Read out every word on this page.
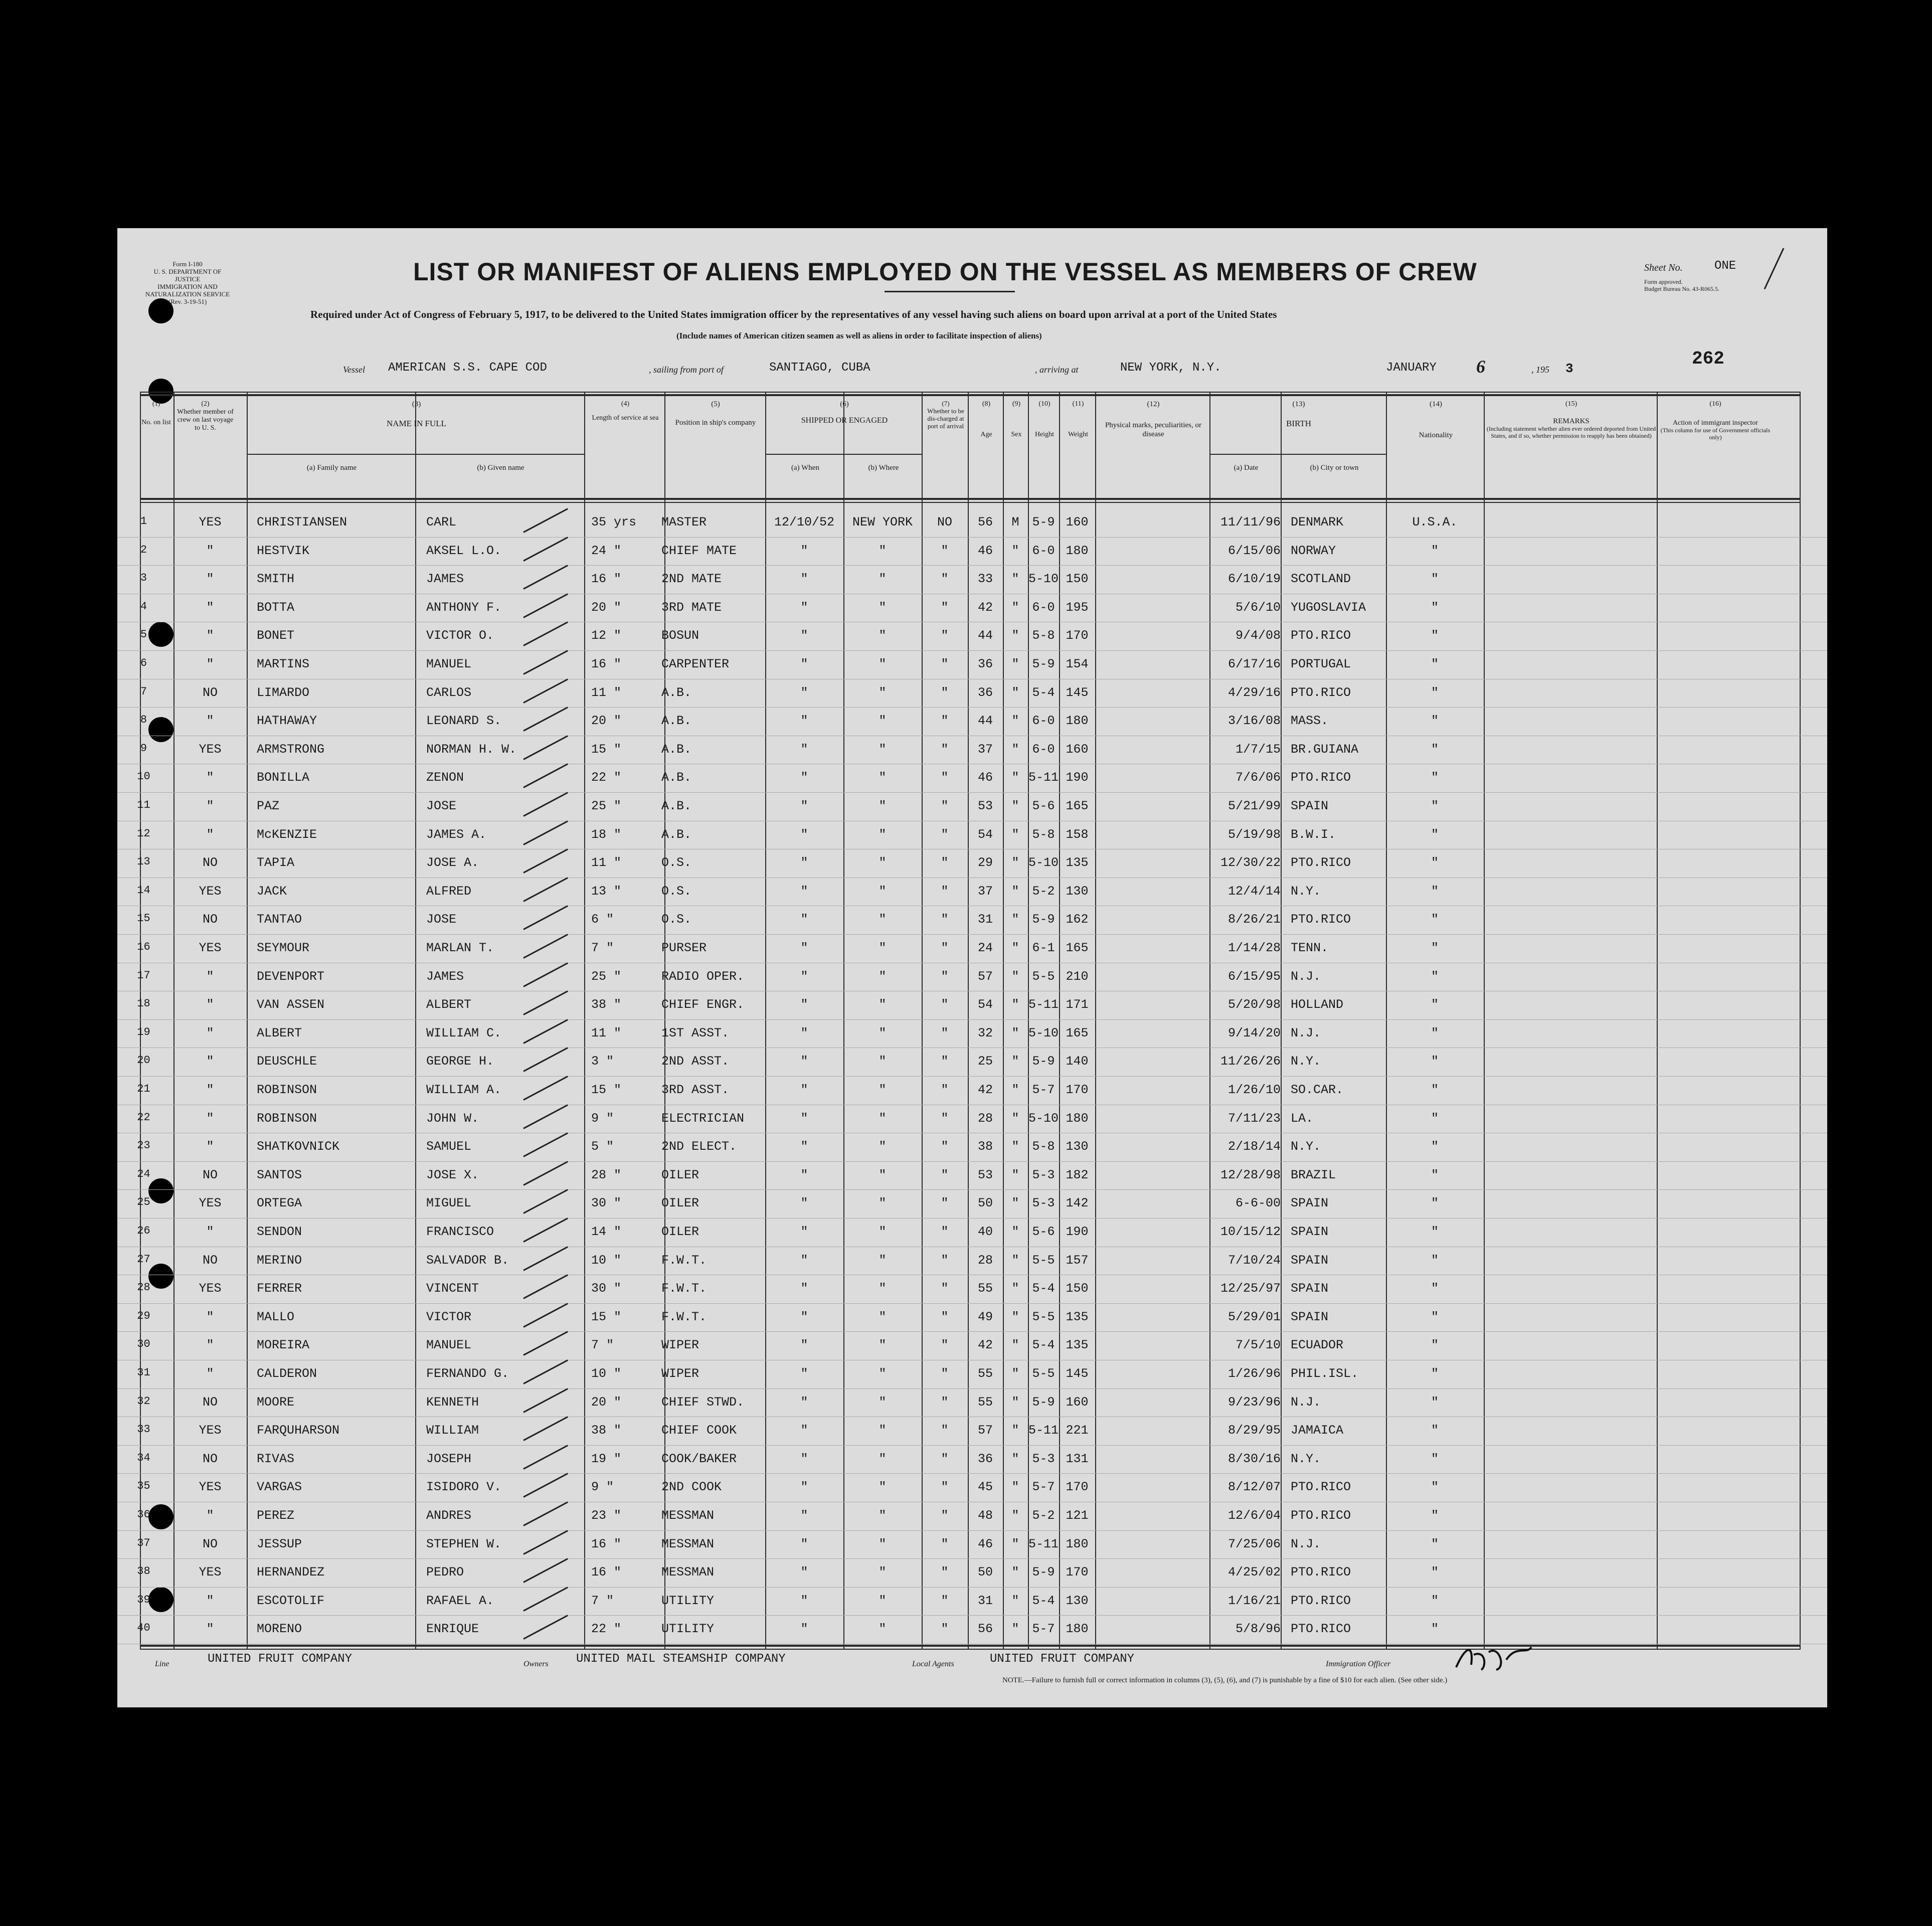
Form I-180
U. S. DEPARTMENT OF JUSTICE
IMMIGRATION AND NATURALIZATION SERVICE
(Rev. 3-19-51)
LIST OR MANIFEST OF ALIENS EMPLOYED ON THE VESSEL AS MEMBERS OF CREW	Sheet No.	ONE
Form approved.
Budget Bureau No. 43-R065.5.
Required under Act of Congress of February 5, 1917, to be delivered to the United States immigration officer by the representatives of any vessel having such aliens on board upon arrival at a port of the United States
(Include names of American citizen seamen as well as aliens in order to facilitate inspection of aliens)
Vessel AMERICAN S.S. CAPE COD	, sailing from port of	SANTIAGO, CUBA	, arriving at	NEW YORK, N.Y.	JANUARY 6	, 195 3	262
(1)
No. on list
(2)
Whether member of crew on last voyage to U. S.
(3)
NAME IN FULL
(a) Family name	(b) Given name
(4)
Length of service at sea
(5)
Position in ship's company
(6)
SHIPPED OR ENGAGED
(a) When	(b) Where
(7)
Whether to be dis-charged at port of arrival
(8)
Age
(9)
Sex
(10)
Height
(11)
Weight
(12)
Physical marks, peculiarities, or disease
(13)
BIRTH
(a) Date	(b) City or town
(14)
Nationality
(15)
REMARKS
(Including statement whether alien ever ordered deported from United States, and if so, whether permission to reapply has been obtained)
(16)
Action of immigrant inspector
(This column for use of Government officials only)
1	YES	CHRISTIANSEN	CARL	35 yrs	MASTER	12/10/52	NEW YORK	NO	56	M	5-9 160	11/11/96 DENMARK	U.S.A.
2	"	HESTVIK	AKSEL L.O.	24 "	CHIEF MATE	"	"	"	46	"	6-0 180	6/15/06 NORWAY	"
3	"	SMITH	JAMES	16 "	2ND MATE	"	"	"	33	" 5-10 150	6/10/19 SCOTLAND	"
4	"	BOTTA	ANTHONY F.	20 "	3RD MATE	"	"	"	42	"	6-0 195	5/6/10 YUGOSLAVIA	"
5	"	BONET	VICTOR O.	12 "	BOSUN	"	"	"	44	"	5-8 170	9/4/08 PTO.RICO	"
6	"	MARTINS	MANUEL	16 "	CARPENTER	"	"	"	36	"	5-9 154	6/17/16 PORTUGAL	"
7	NO	LIMARDO	CARLOS	11 "	A.B.	"	"	"	36	"	5-4 145	4/29/16 PTO.RICO	"
8	"	HATHAWAY	LEONARD S.	20 "	A.B.	"	"	"	44	"	6-0 180	3/16/08 MASS.	"
9	YES	ARMSTRONG	NORMAN H. W.	15 "	A.B.	"	"	"	37	"	6-0 160	1/7/15 BR.GUIANA	"
10	"	BONILLA	ZENON	22 "	A.B.	"	"	"	46	" 5-11 190	7/6/06 PTO.RICO	"
11	"	PAZ	JOSE	25 "	A.B.	"	"	"	53	"	5-6 165	5/21/99 SPAIN	"
12	"	McKENZIE	JAMES A.	18 "	A.B.	"	"	"	54	"	5-8 158	5/19/98 B.W.I.	"
13	NO	TAPIA	JOSE A.	11 "	O.S.	"	"	"	29	" 5-10 135	12/30/22 PTO.RICO	"
14	YES	JACK	ALFRED	13 "	O.S.	"	"	"	37	"	5-2 130	12/4/14 N.Y.	"
15	NO	TANTAO	JOSE	6 "	O.S.	"	"	"	31	"	5-9 162	8/26/21 PTO.RICO	"
16	YES	SEYMOUR	MARLAN T.	7 "	PURSER	"	"	"	24	"	6-1 165	1/14/28 TENN.	"
17	"	DEVENPORT	JAMES	25 "	RADIO OPER.	"	"	"	57	"	5-5 210	6/15/95 N.J.	"
18	"	VAN ASSEN	ALBERT	38 "	CHIEF ENGR.	"	"	"	54	" 5-11 171	5/20/98 HOLLAND	"
19	"	ALBERT	WILLIAM C.	11 "	1ST ASST.	"	"	"	32	" 5-10 165	9/14/20 N.J.	"
20	"	DEUSCHLE	GEORGE H.	3 "	2ND ASST.	"	"	"	25	"	5-9 140	11/26/26 N.Y.	"
21	"	ROBINSON	WILLIAM A.	15 "	3RD ASST.	"	"	"	42	"	5-7 170	1/26/10 SO.CAR.	"
22	"	ROBINSON	JOHN W.	9 "	ELECTRICIAN	"	"	"	28	" 5-10 180	7/11/23 LA.	"
23	"	SHATKOVNICK	SAMUEL	5 "	2ND ELECT.	"	"	"	38	"	5-8 130	2/18/14 N.Y.	"
24	NO	SANTOS	JOSE X.	28 "	OILER	"	"	"	53	"	5-3 182	12/28/98 BRAZIL	"
25	YES	ORTEGA	MIGUEL	30 "	OILER	"	"	"	50	"	5-3 142	6-6-00 SPAIN	"
26	"	SENDON	FRANCISCO	14 "	OILER	"	"	"	40	"	5-6 190	10/15/12 SPAIN	"
27	NO	MERINO	SALVADOR B.	10 "	F.W.T.	"	"	"	28	"	5-5 157	7/10/24 SPAIN	"
28	YES	FERRER	VINCENT	30 "	F.W.T.	"	"	"	55	"	5-4 150	12/25/97 SPAIN	"
29	"	MALLO	VICTOR	15 "	F.W.T.	"	"	"	49	"	5-5 135	5/29/01 SPAIN	"
30	"	MOREIRA	MANUEL	7 "	WIPER	"	"	"	42	"	5-4 135	7/5/10 ECUADOR	"
31	"	CALDERON	FERNANDO G.	10 "	WIPER	"	"	"	55	"	5-5 145	1/26/96 PHIL.ISL.	"
32	NO	MOORE	KENNETH	20 "	CHIEF STWD.	"	"	"	55	"	5-9 160	9/23/96 N.J.	"
33	YES	FARQUHARSON	WILLIAM	38 "	CHIEF COOK	"	"	"	57	" 5-11 221	8/29/95 JAMAICA	"
34	NO	RIVAS	JOSEPH	19 "	COOK/BAKER	"	"	"	36	"	5-3 131	8/30/16 N.Y.	"
35	YES	VARGAS	ISIDORO V.	9 "	2ND COOK	"	"	"	45	"	5-7 170	8/12/07 PTO.RICO	"
36	"	PEREZ	ANDRES	23 "	MESSMAN	"	"	"	48	"	5-2 121	12/6/04 PTO.RICO	"
37	NO	JESSUP	STEPHEN W.	16 "	MESSMAN	"	"	"	46	" 5-11 180	7/25/06 N.J.	"
38	YES	HERNANDEZ	PEDRO	16 "	MESSMAN	"	"	"	50	"	5-9 170	4/25/02 PTO.RICO	"
39	"	ESCOTOLIF	RAFAEL A.	7 "	UTILITY	"	"	"	31	"	5-4 130	1/16/21 PTO.RICO	"
40	"	MORENO	ENRIQUE	22 "	UTILITY	"	"	"	56	"	5-7 180	5/8/96 PTO.RICO	"
Line	UNITED FRUIT COMPANY	Owners UNITED MAIL STEAMSHIP COMPANY	Local Agents	UNITED FRUIT COMPANY	Immigration Officer
NOTE.—Failure to furnish full or correct information in columns (3), (5), (6), and (7) is punishable by a fine of $10 for each alien. (See other side.)
